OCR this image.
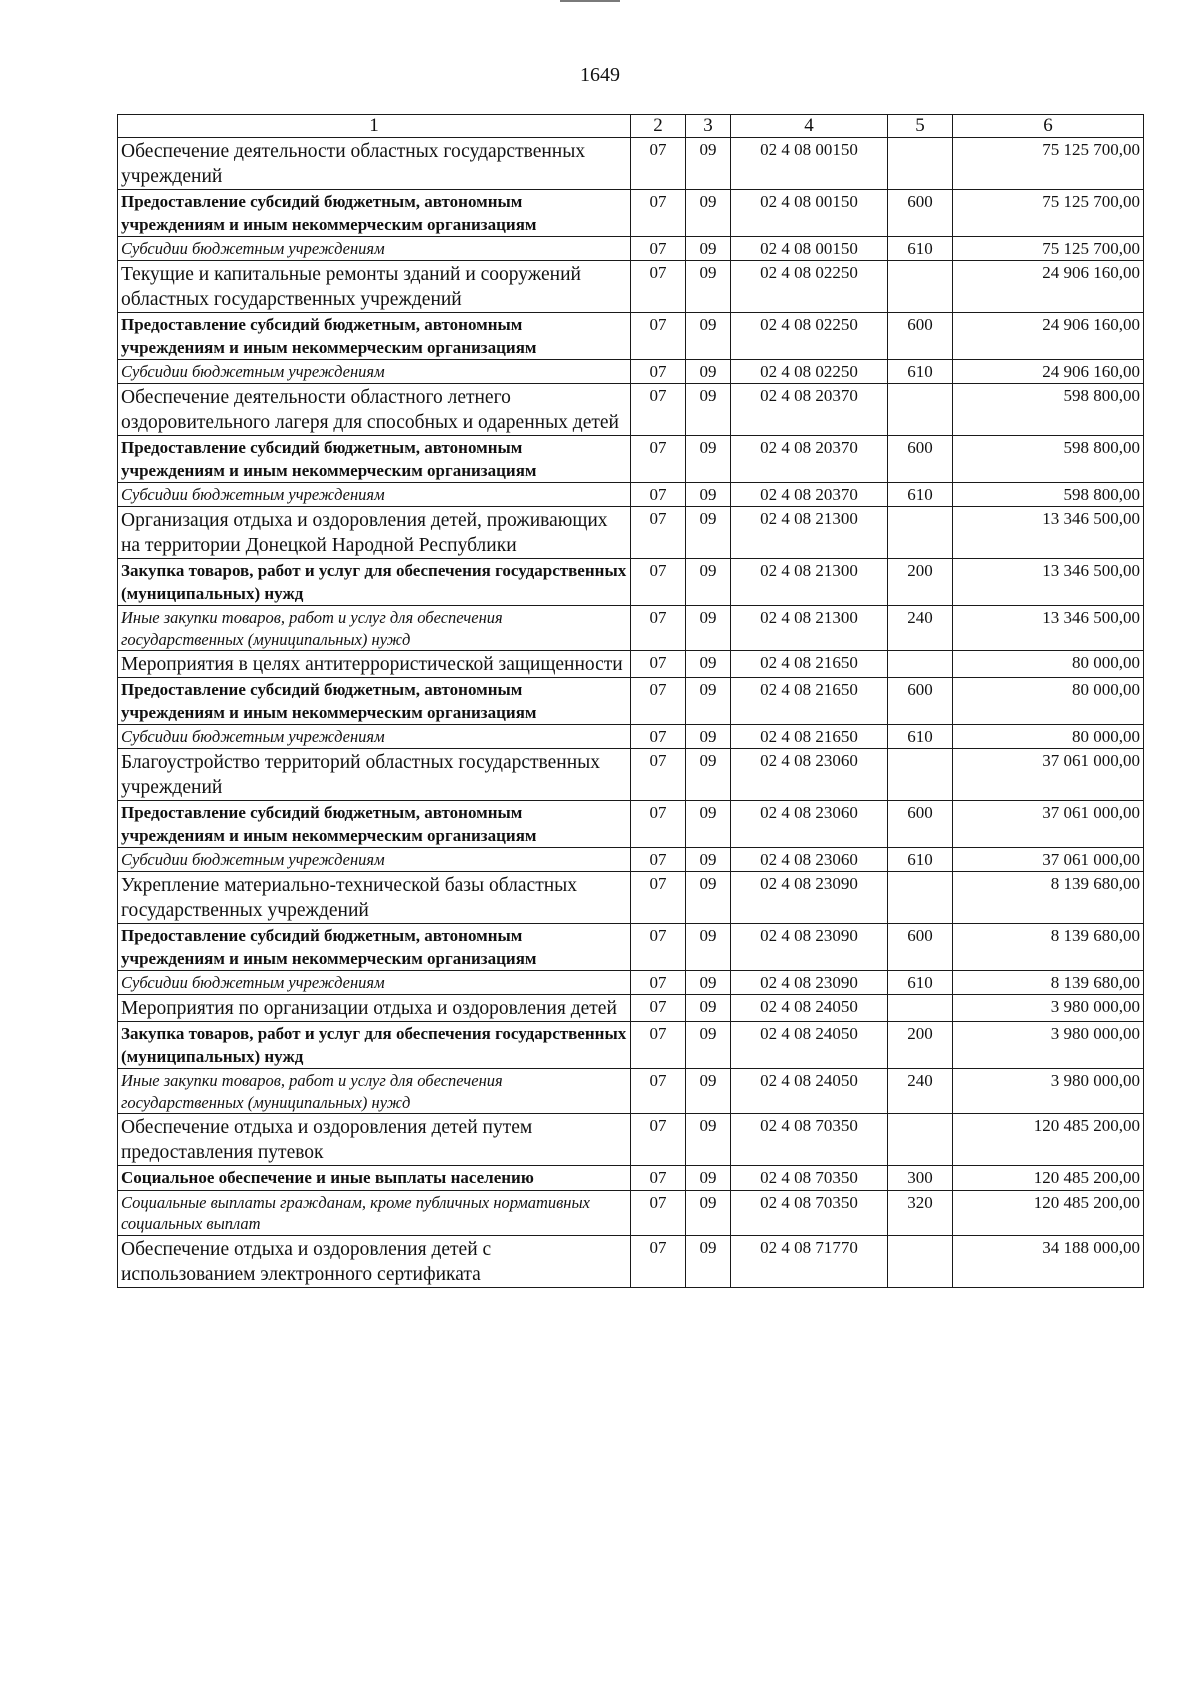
1649
1	2	3	4	5	6
Обеспечение деятельности областных государственных учреждений	07	09	02 4 08 00150		75 125 700,00
Предоставление субсидий бюджетным, автономным учреждениям и иным некоммерческим организациям	07	09	02 4 08 00150	600	75 125 700,00
Субсидии бюджетным учреждениям	07	09	02 4 08 00150	610	75 125 700,00
Текущие и капитальные ремонты зданий и сооружений областных государственных учреждений	07	09	02 4 08 02250		24 906 160,00
Предоставление субсидий бюджетным, автономным учреждениям и иным некоммерческим организациям	07	09	02 4 08 02250	600	24 906 160,00
Субсидии бюджетным учреждениям	07	09	02 4 08 02250	610	24 906 160,00
Обеспечение деятельности областного летнего оздоровительного лагеря для способных и одаренных детей	07	09	02 4 08 20370		598 800,00
Предоставление субсидий бюджетным, автономным учреждениям и иным некоммерческим организациям	07	09	02 4 08 20370	600	598 800,00
Субсидии бюджетным учреждениям	07	09	02 4 08 20370	610	598 800,00
Организация отдыха и оздоровления детей, проживающих на территории Донецкой Народной Республики	07	09	02 4 08 21300		13 346 500,00
Закупка товаров, работ и услуг для обеспечения государственных (муниципальных) нужд	07	09	02 4 08 21300	200	13 346 500,00
Иные закупки товаров, работ и услуг для обеспечения государственных (муниципальных) нужд	07	09	02 4 08 21300	240	13 346 500,00
Мероприятия в целях антитеррористической защищенности	07	09	02 4 08 21650		80 000,00
Предоставление субсидий бюджетным, автономным учреждениям и иным некоммерческим организациям	07	09	02 4 08 21650	600	80 000,00
Субсидии бюджетным учреждениям	07	09	02 4 08 21650	610	80 000,00
Благоустройство территорий областных государственных учреждений	07	09	02 4 08 23060		37 061 000,00
Предоставление субсидий бюджетным, автономным учреждениям и иным некоммерческим организациям	07	09	02 4 08 23060	600	37 061 000,00
Субсидии бюджетным учреждениям	07	09	02 4 08 23060	610	37 061 000,00
Укрепление материально-технической базы областных государственных учреждений	07	09	02 4 08 23090		8 139 680,00
Предоставление субсидий бюджетным, автономным учреждениям и иным некоммерческим организациям	07	09	02 4 08 23090	600	8 139 680,00
Субсидии бюджетным учреждениям	07	09	02 4 08 23090	610	8 139 680,00
Мероприятия по организации отдыха и оздоровления детей	07	09	02 4 08 24050		3 980 000,00
Закупка товаров, работ и услуг для обеспечения государственных (муниципальных) нужд	07	09	02 4 08 24050	200	3 980 000,00
Иные закупки товаров, работ и услуг для обеспечения государственных (муниципальных) нужд	07	09	02 4 08 24050	240	3 980 000,00
Обеспечение отдыха и оздоровления детей путем предоставления путевок	07	09	02 4 08 70350		120 485 200,00
Социальное обеспечение и иные выплаты населению	07	09	02 4 08 70350	300	120 485 200,00
Социальные выплаты гражданам, кроме публичных нормативных социальных выплат	07	09	02 4 08 70350	320	120 485 200,00
Обеспечение отдыха и оздоровления детей с использованием электронного сертификата	07	09	02 4 08 71770		34 188 000,00
